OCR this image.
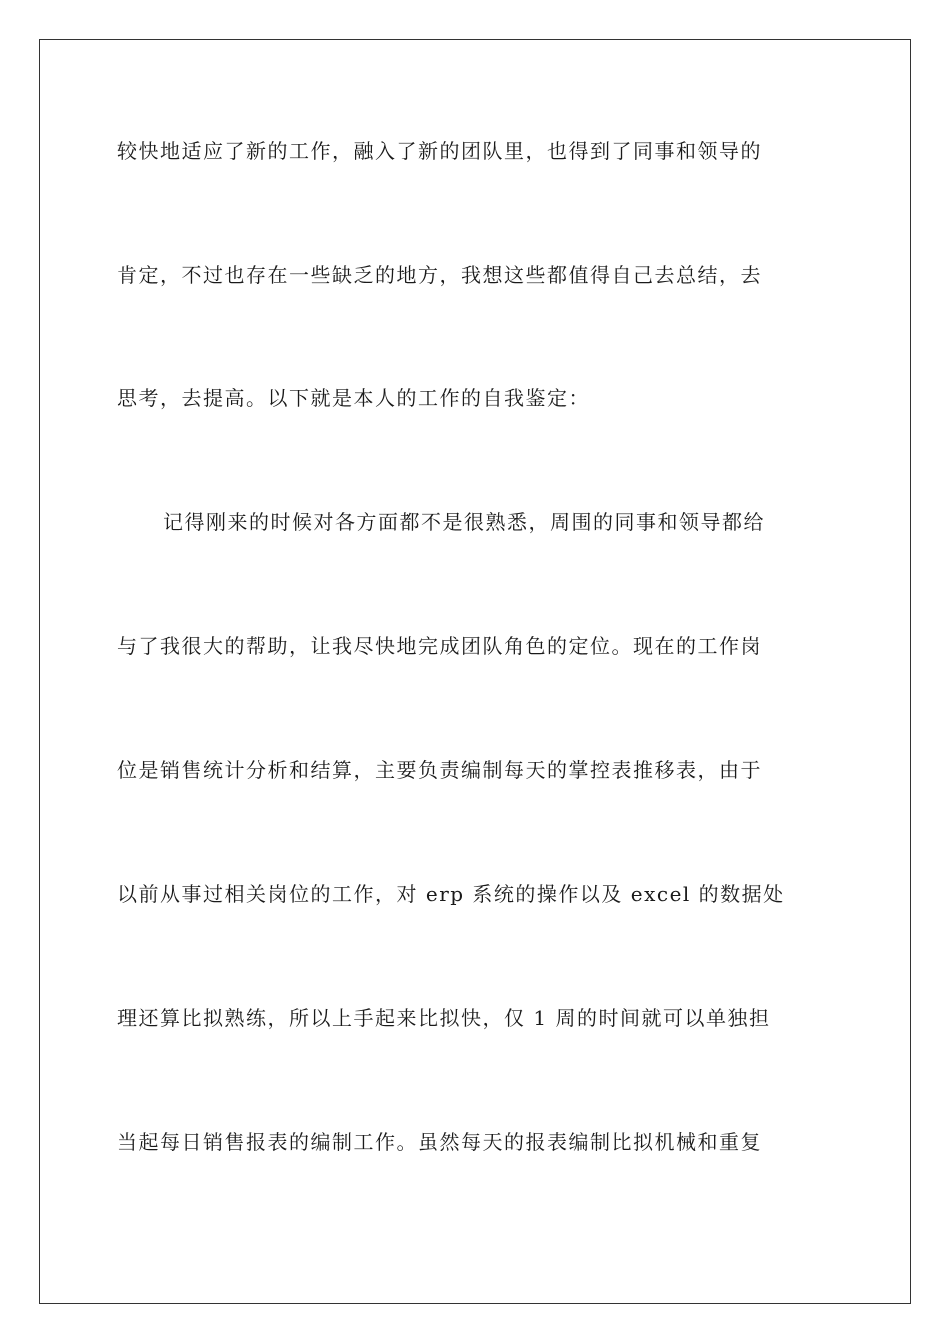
较快地适应了新的工作，融入了新的团队里，也得到了同事和领导的
肯定，不过也存在一些缺乏的地方，我想这些都值得自己去总结，去
思考，去提高。以下就是本人的工作的自我鉴定：
记得刚来的时候对各方面都不是很熟悉，周围的同事和领导都给
与了我很大的帮助，让我尽快地完成团队角色的定位。现在的工作岗
位是销售统计分析和结算，主要负责编制每天的掌控表推移表，由于
以前从事过相关岗位的工作，对 erp 系统的操作以及 excel 的数据处
理还算比拟熟练，所以上手起来比拟快，仅 1 周的时间就可以单独担
当起每日销售报表的编制工作。虽然每天的报表编制比拟机械和重复
